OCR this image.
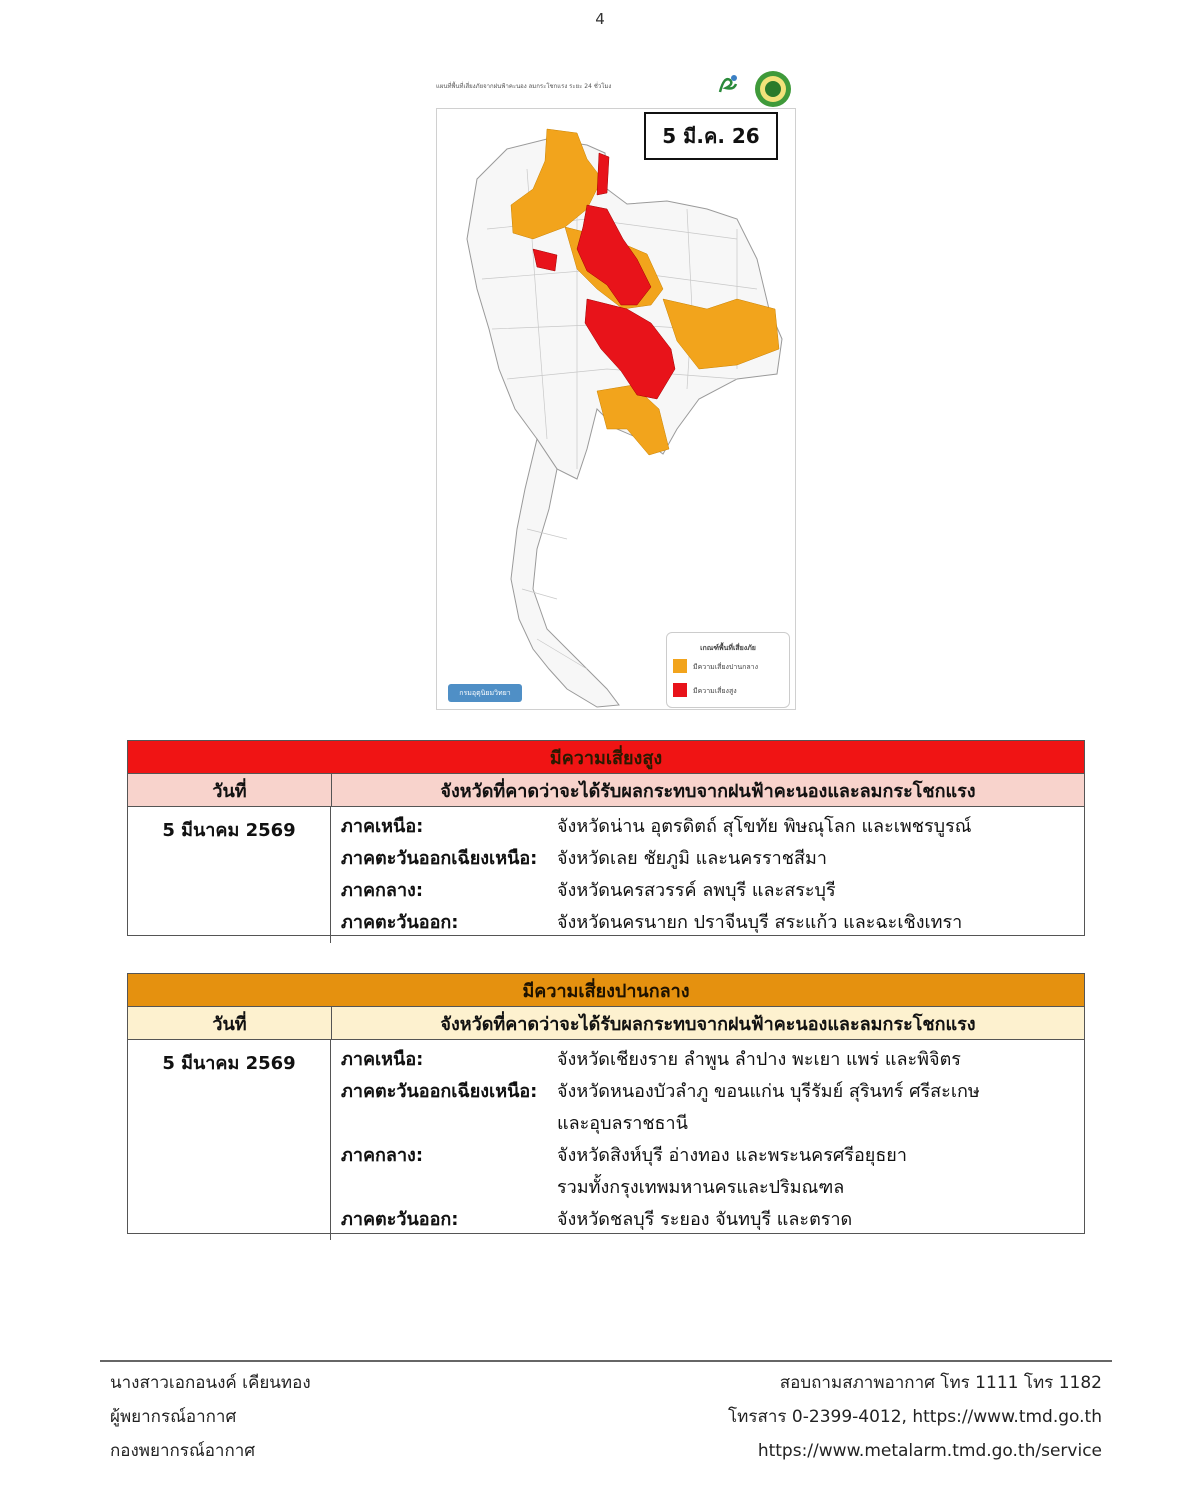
4
แผนที่พื้นที่เสี่ยงภัยจากฝนฟ้าคะนอง ลมกระโชกแรง ระยะ 24 ชั่วโมง
5 มี.ค. 26
เกณฑ์พื้นที่เสี่ยงภัย
มีความเสี่ยงปานกลาง
มีความเสี่ยงสูง
กรมอุตุนิยมวิทยา
มีความเสี่ยงสูง
วันที่	จังหวัดที่คาดว่าจะได้รับผลกระทบจากฝนฟ้าคะนองและลมกระโชกแรง
5 มีนาคม 2569	ภาคเหนือ:	จังหวัดน่าน อุตรดิตถ์ สุโขทัย พิษณุโลก และเพชรบูรณ์
ภาคตะวันออกเฉียงเหนือ:	จังหวัดเลย ชัยภูมิ และนครราชสีมา
ภาคกลาง:	จังหวัดนครสวรรค์ ลพบุรี และสระบุรี
ภาคตะวันออก:	จังหวัดนครนายก ปราจีนบุรี สระแก้ว และฉะเชิงเทรา
มีความเสี่ยงปานกลาง
วันที่	จังหวัดที่คาดว่าจะได้รับผลกระทบจากฝนฟ้าคะนองและลมกระโชกแรง
5 มีนาคม 2569	ภาคเหนือ:	จังหวัดเชียงราย ลำพูน ลำปาง พะเยา แพร่ และพิจิตร
ภาคตะวันออกเฉียงเหนือ:	จังหวัดหนองบัวลำภู ขอนแก่น บุรีรัมย์ สุรินทร์ ศรีสะเกษ
และอุบลราชธานี
ภาคกลาง:	จังหวัดสิงห์บุรี อ่างทอง และพระนครศรีอยุธยา
รวมทั้งกรุงเทพมหานครและปริมณฑล
ภาคตะวันออก:	จังหวัดชลบุรี ระยอง จันทบุรี และตราด
นางสาวเอกอนงค์ เคียนทอง
ผู้พยากรณ์อากาศ
กองพยากรณ์อากาศ
สอบถามสภาพอากาศ โทร 1111 โทร 1182
โทรสาร 0-2399-4012, https://www.tmd.go.th
https://www.metalarm.tmd.go.th/service
